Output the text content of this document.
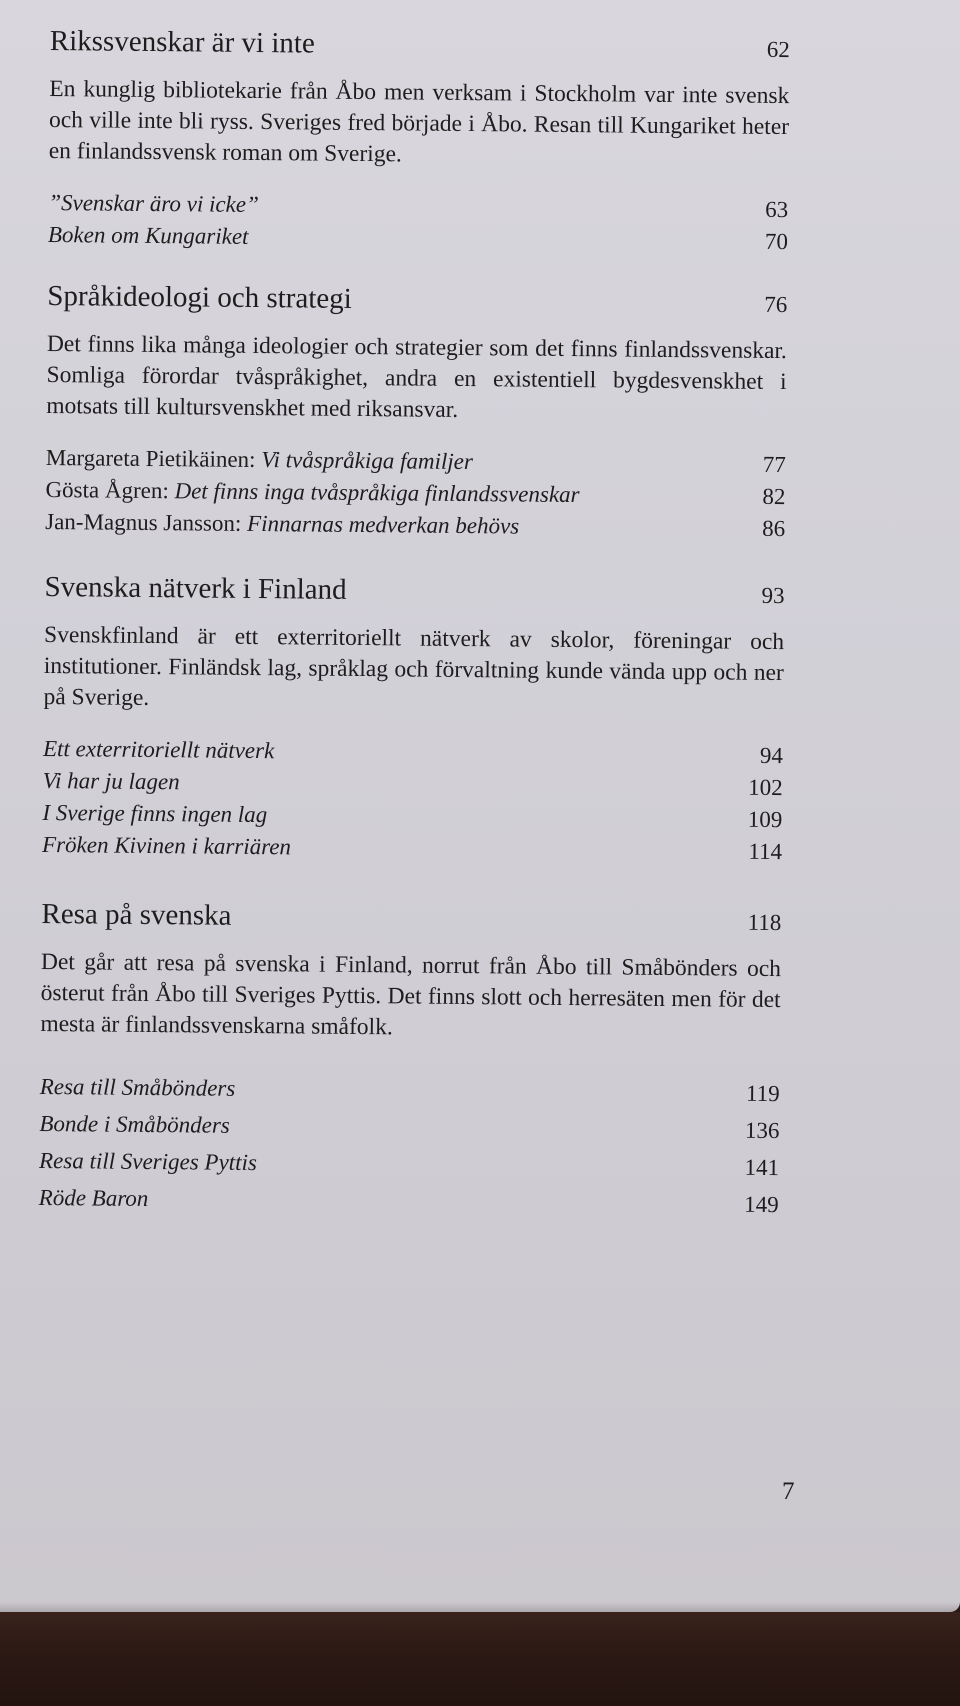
Rikssvenskar är vi inte	62
En kunglig bibliotekarie från Åbo men verksam i Stockholm var inte svensk och ville inte bli ryss. Sveriges fred började i Åbo. Resan till Kungariket heter en finlandssvensk roman om Sverige.
”Svenskar äro vi icke”	63
Boken om Kungariket	70
Språkideologi och strategi	76
Det finns lika många ideologier och strategier som det finns finlandssvenskar. Somliga förordar tvåspråkighet, andra en existentiell bygdesvenskhet i motsats till kultursvenskhet med riksansvar.
Margareta Pietikäinen: Vi tvåspråkiga familjer	77
Gösta Ågren: Det finns inga tvåspråkiga finlandssvenskar	82
Jan-Magnus Jansson: Finnarnas medverkan behövs	86
Svenska nätverk i Finland	93
Svenskfinland är ett exterritoriellt nätverk av skolor, föreningar och institutioner. Finländsk lag, språklag och förvaltning kunde vända upp och ner på Sverige.
Ett exterritoriellt nätverk	94
Vi har ju lagen	102
I Sverige finns ingen lag	109
Fröken Kivinen i karriären	114
Resa på svenska	118
Det går att resa på svenska i Finland, norrut från Åbo till Småbönders och österut från Åbo till Sveriges Pyttis. Det finns slott och herresäten men för det mesta är finlandssvenskarna småfolk.
Resa till Småbönders	119
Bonde i Småbönders	136
Resa till Sveriges Pyttis	141
Röde Baron	149
7
